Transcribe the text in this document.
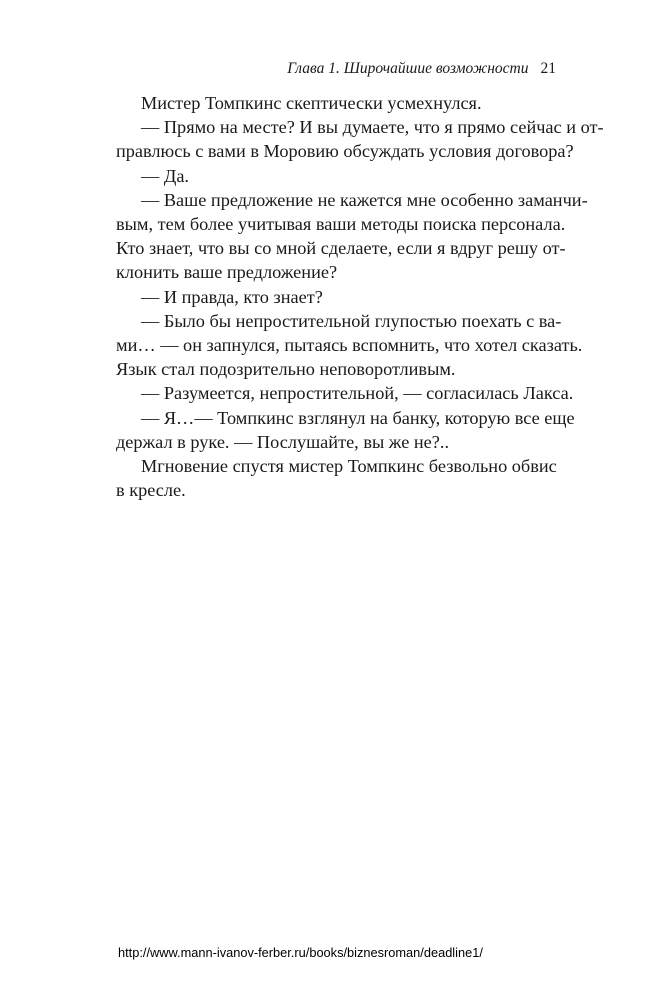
Глава 1. Широчайшие возможности 21
Мистер Томпкинс скептически усмехнулся.
— Прямо на месте? И вы думаете, что я прямо сейчас и от-
правлюсь с вами в Моровию обсуждать условия договора?
— Да.
— Ваше предложение не кажется мне особенно заманчи-
вым, тем более учитывая ваши методы поиска персонала.
Кто знает, что вы со мной сделаете, если я вдруг решу от-
клонить ваше предложение?
— И правда, кто знает?
— Было бы непростительной глупостью поехать с ва-
ми… — он запнулся, пытаясь вспомнить, что хотел сказать.
Язык стал подозрительно неповоротливым.
— Разумеется, непростительной, — согласилась Лакса.
— Я…— Томпкинс взглянул на банку, которую все еще
держал в руке. — Послушайте, вы же не?..
Мгновение спустя мистер Томпкинс безвольно обвис
в кресле.
http://www.mann-ivanov-ferber.ru/books/biznesroman/deadline1/
